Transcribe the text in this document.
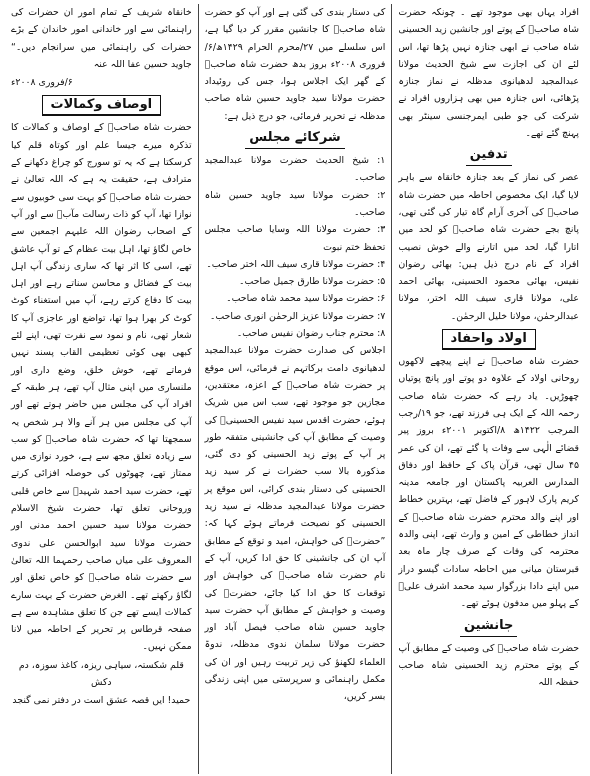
افراد یہاں بھی موجود تھے ۔ چونکہ حضرت شاہ صاحبؒ کے پوتے اور جانشین زید الحسینی شاہ صاحب نے ابھی جنازہ نہیں پڑھا تھا، اس لئے ان کی اجازت سے شیخ الحدیث مولانا عبدالمجید لدھیانوی مدظلہ نے نماز جنازہ پڑھائی، اس جنازہ میں بھی ہزاروں افراد نے شرکت کی جو طبی ایمرجنسی سینٹر بھی پہنچ گئے تھے۔

تدفین

عصر کی نماز کے بعد جنازہ خانقاہ سے باہر لایا گیا، ایک مخصوص احاطہ میں حضرت شاہ صاحبؒ کی آخری آرام گاہ تیار کی گئی تھی، پانچ بجے حضرت شاہ صاحبؒ کو لحد میں اتارا گیا، لحد میں اتارنے والے خوش نصیب افراد کے نام درج ذیل ہیں: بھائی رضوان نفیس، بھائی محمود الحسینی، بھائی احمد علی، مولانا قاری سیف اللہ اختر، مولانا عبدالرحمٰن، مولانا خلیل الرحمٰن۔

اولاد واحفاد

حضرت شاہ صاحبؒ نے اپنے پیچھے لاکھوں روحانی اولاد کے علاوہ دو پوتے اور پانچ پوتیاں چھوڑیں۔ یاد رہے کہ حضرت شاہ صاحب رحمہ اللہ کے ایک ہی فرزند تھے، جو ۱۹/رجب المرجب ۱۴۲۲ھ ۸/اکتوبر ۲۰۰۱ء بروز پیر قضائے الٰہی سے وفات پا گئے تھے، ان کی عمر ۴۵ سال تھی، قرآن پاک کے حافظ اور دفاق المدارس العربیہ پاکستان اور جامعہ مدینہ کریم پارک لاہور کے فاضل تھے، بہترین خطاط اور اپنے والد محترم حضرت شاہ صاحبؒ کے انداز خطاطی کے امین و وارث تھے، اپنی والدہ محترمہ کی وفات کے صرف چار ماہ بعد قبرستان میانی میں احاطہ سادات گیسو دراز میں اپنے دادا بزرگوار سید محمد اشرف علیؒ کے پہلو میں مدفون ہوئے تھے۔

جانشین

حضرت شاہ صاحبؒ کی وصیت کے مطابق آپ کے پوتے محترم زید الحسینی شاہ صاحب حفظہ اللہ

کی دستار بندی کی گئی ہے اور آپ کو حضرت شاہ صاحبؒ کا جانشین مقرر کر دیا گیا ہے، اس سلسلے میں ۲۷/محرم الحرام ۱۴۲۹ھ/۶/فروری ۲۰۰۸ء بروز بدھ حضرت شاہ صاحبؒ کے گھر ایک اجلاس ہوا، جس کی روئیداد حضرت مولانا سید جاوید حسین شاہ صاحب مدظلہ نے تحریر فرمائی، جو درج ذیل ہے:

شرکائے مجلس
۱: شیخ الحدیث حضرت مولانا عبدالمجید صاحب۔
۲: حضرت مولانا سید جاوید حسین شاہ صاحب۔
۳: حضرت مولانا اللہ وسایا صاحب مجلس تحفظ ختم نبوت
۴: حضرت مولانا قاری سیف اللہ اختر صاحب۔
۵: حضرت مولانا طارق جمیل صاحب۔
۶: حضرت مولانا سید محمد شاہ صاحب۔
۷: حضرت مولانا عزیز الرحمٰن انوری صاحب۔
۸: محترم جناب رضوان نفیس صاحب۔

اجلاس کی صدارت حضرت مولانا عبدالمجید لدھیانوی دامت برکاتہم نے فرمائی، اس موقع پر حضرت شاہ صاحبؒ کے اعزہ، معتقدین، مجازین جو موجود تھے، سب اس میں شریک ہوئے، حضرت اقدس سید نفیس الحسینیؒ کی وصیت کے مطابق آپ کی جانشینی متفقہ طور پر آپ کے پوتے زید الحسینی کو دی گئی، مذکورہ بالا سب حضرات نے کر سید زید الحسینی کی دستار بندی کرائی، اس موقع پر حضرت مولانا عبدالمجید مدظلہ نے سید زید الحسینی کو نصیحت فرماتے ہوئے کہا کہ: ”حضرتؒ کی خواہش، امید و توقع کے مطابق آپ ان کی جانشینی کا حق ادا کریں، آپ کے نام حضرت شاہ صاحبؒ کی خواہش اور توقعات کا حق ادا کیا جائے، حضرتؒ کی وصیت و خواہش کے مطابق آپ حضرت سید جاوید حسین شاہ صاحب فیصل آباد اور حضرت مولانا سلمان ندوی مدظلہ، ندوۃ العلماء لکھنؤ کی زیر تربیت رہیں اور ان کی مکمل راہنمائی و سرپرستی میں اپنی زندگی بسر کریں،

خانقاہ شریف کے تمام امور ان حضرات کی راہنمائی سے اور خاندانی امور خاندان کے بڑے حضرات کی راہنمائی میں سرانجام دیں۔“ جاوید حسین عفا اللہ عنہ

۶/فروری ۲۰۰۸ء

اوصاف وکمالات

حضرت شاہ صاحبؒ کے اوصاف و کمالات کا تذکرہ میرے جیسا علم اور کوتاہ قلم کیا کرسکتا ہے کہ یہ تو سورج کو چراغ دکھانے کے مترادف ہے، حقیقت یہ ہے کہ اللہ تعالیٰ نے حضرت شاہ صاحبؒ کو بہت سی خوبیوں سے نوازا تھا، آپ کو ذات رسالت مآبؐ سے اور آپ کے اصحاب رضوان اللہ علیہم اجمعین سے خاص لگاؤ تھا، اہل بیت عظام کے تو آپ عاشق تھے، اسی کا اثر تھا کہ ساری زندگی آپ اہل بیت کے فضائل و محاسن سناتے رہے اور اہل بیت کا دفاع کرتے رہے، آپ میں استغناء کوٹ کوٹ کر بھرا ہوا تھا، تواضع اور عاجزی آپ کا شعار تھی، نام و نمود سے نفرت تھی، اپنے لئے کبھی بھی کوئی تعظیمی القاب پسند نہیں فرماتے تھے، خوش خلق، وضع داری اور ملنساری میں اپنی مثال آپ تھے، ہر طبقہ کے افراد آپ کی مجلس میں حاضر ہوتے تھے اور آپ کی مجلس میں ہر آنے والا ہر شخص یہ سمجھتا تھا کہ حضرت شاہ صاحبؒ کو سب سے زیادہ تعلق مجھ سے ہے، خورد نوازی میں ممتاز تھے، چھوٹوں کی حوصلہ افزائی کرتے تھے، حضرت سید احمد شہیدؒ سے خاص قلبی وروحانی تعلق تھا، حضرت شیخ الاسلام حضرت مولانا سید حسین احمد مدنی اور حضرت مولانا سید ابوالحسن علی ندوی المعروف علی میاں صاحب رحمہما اللہ تعالیٰ سے حضرت شاہ صاحبؒ کو خاص تعلق اور لگاؤ رکھتے تھے۔ الغرض حضرت کے بہت سارے کمالات ایسے تھے جن کا تعلق مشاہدہ سے ہے صفحہ قرطاس پر تحریر کے احاطہ میں لانا ممکن نہیں۔

قلم شکستہ، سیاہی ریزہ، کاغذ سوزہ، دم دکش

حمید! ایں قصہ عشق است در دفتر نمی گنجد
